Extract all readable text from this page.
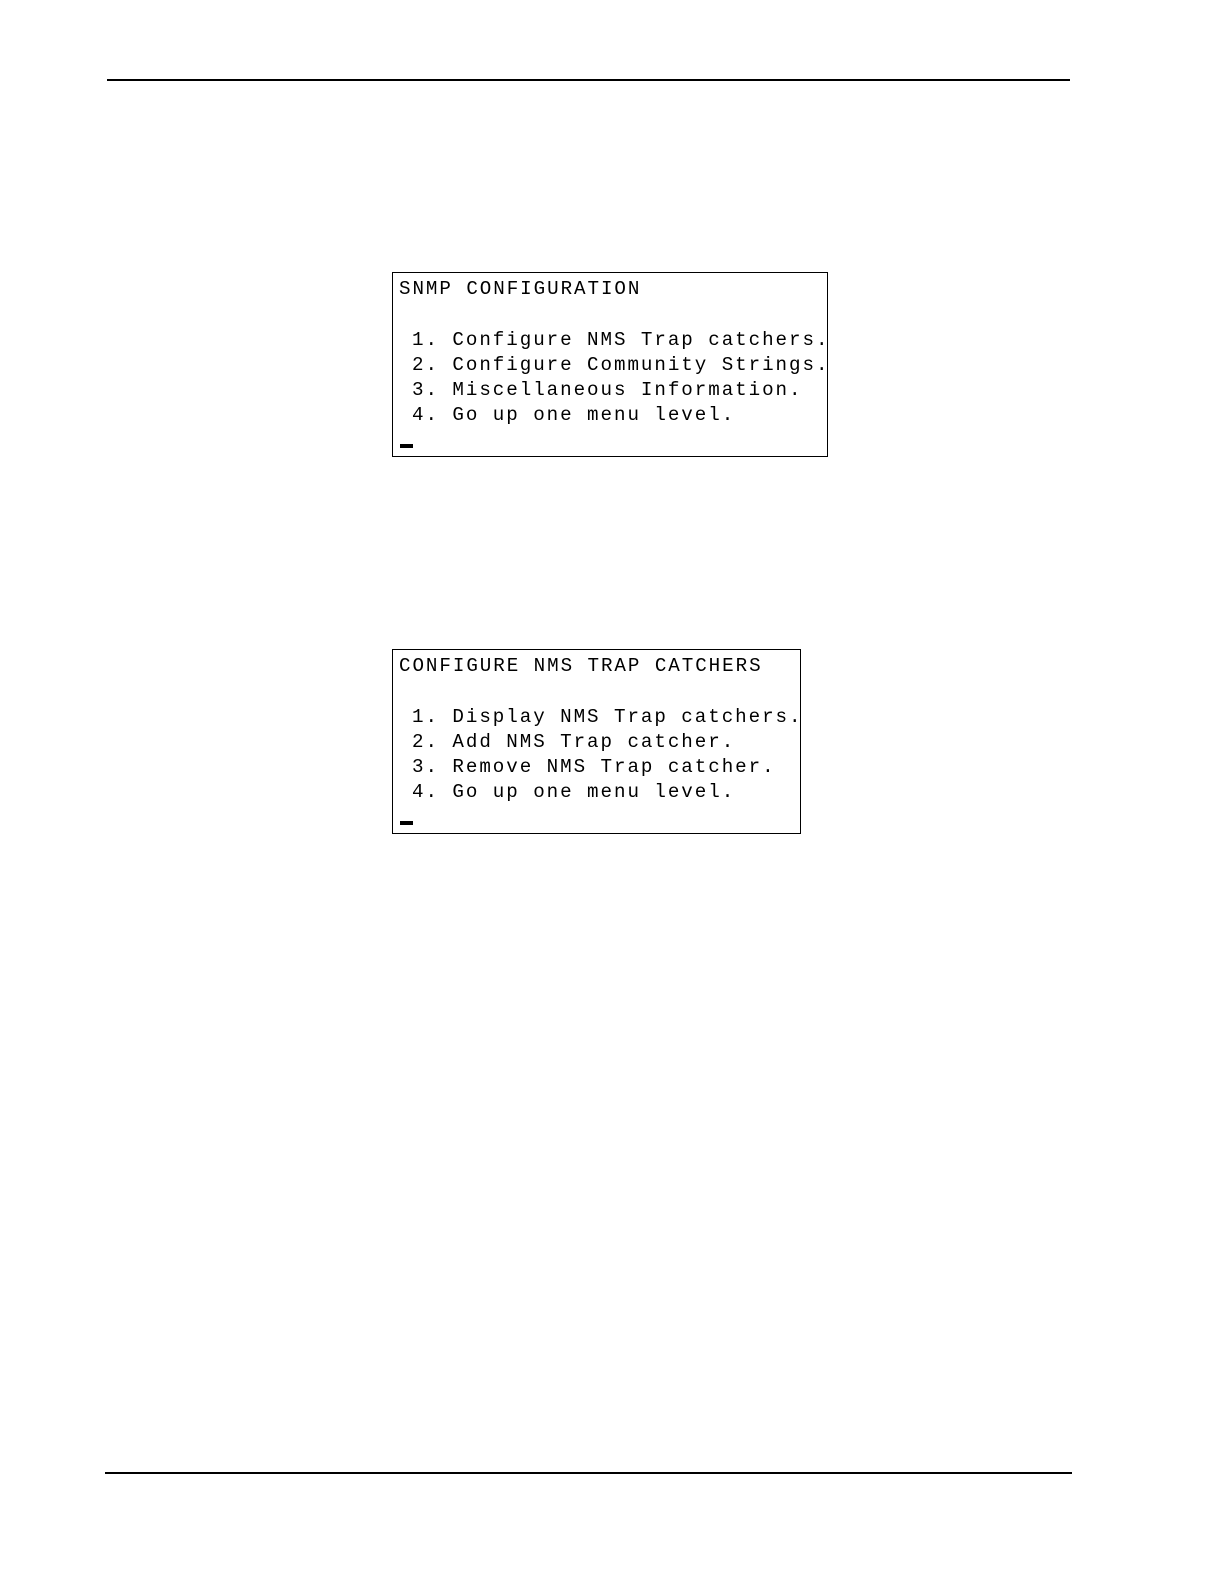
SNMP CONFIGURATION
1. Configure NMS Trap catchers.
2. Configure Community Strings.
3. Miscellaneous Information.
4. Go up one menu level.
CONFIGURE NMS TRAP CATCHERS
1. Display NMS Trap catchers.
2. Add NMS Trap catcher.
3. Remove NMS Trap catcher.
4. Go up one menu level.
